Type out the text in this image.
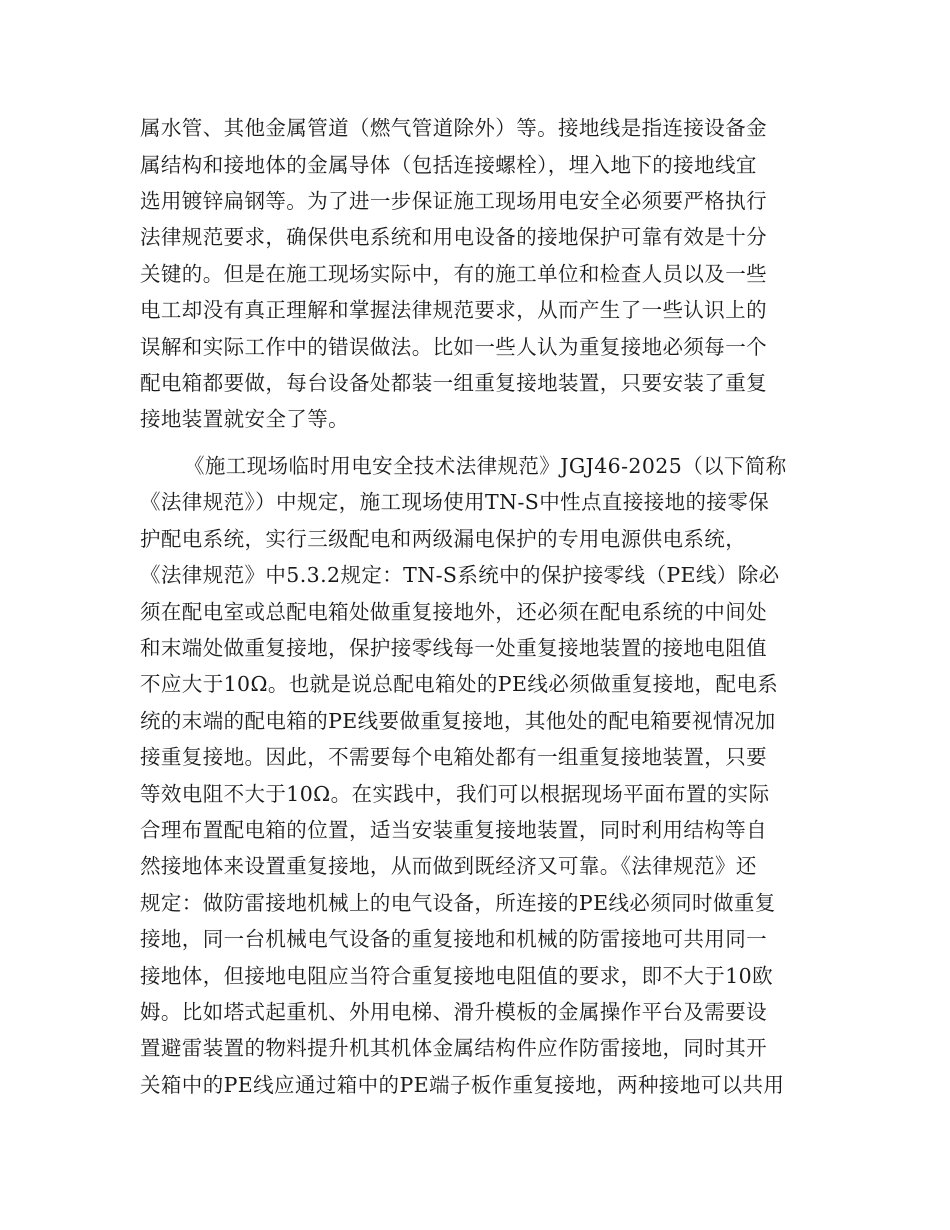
属水管、其他金属管道（燃气管道除外）等。接地线是指连接设备金
属结构和接地体的金属导体（包括连接螺栓），埋入地下的接地线宜
选用镀锌扁钢等。为了进一步保证施工现场用电安全必须要严格执行
法律规范要求，确保供电系统和用电设备的接地保护可靠有效是十分
关键的。但是在施工现场实际中，有的施工单位和检查人员以及一些
电工却没有真正理解和掌握法律规范要求，从而产生了一些认识上的
误解和实际工作中的错误做法。比如一些人认为重复接地必须每一个
配电箱都要做，每台设备处都装一组重复接地装置，只要安装了重复
接地装置就安全了等。
《施工现场临时用电安全技术法律规范》JGJ46-2025（以下简称
《法律规范》）中规定，施工现场使用TN-S中性点直接接地的接零保
护配电系统，实行三级配电和两级漏电保护的专用电源供电系统，
《法律规范》中5.3.2规定：TN-S系统中的保护接零线（PE线）除必
须在配电室或总配电箱处做重复接地外，还必须在配电系统的中间处
和末端处做重复接地，保护接零线每一处重复接地装置的接地电阻值
不应大于10Ω。也就是说总配电箱处的PE线必须做重复接地，配电系
统的末端的配电箱的PE线要做重复接地，其他处的配电箱要视情况加
接重复接地。因此，不需要每个电箱处都有一组重复接地装置，只要
等效电阻不大于10Ω。在实践中，我们可以根据现场平面布置的实际
合理布置配电箱的位置，适当安装重复接地装置，同时利用结构等自
然接地体来设置重复接地，从而做到既经济又可靠。《法律规范》还
规定：做防雷接地机械上的电气设备，所连接的PE线必须同时做重复
接地，同一台机械电气设备的重复接地和机械的防雷接地可共用同一
接地体，但接地电阻应当符合重复接地电阻值的要求，即不大于10欧
姆。比如塔式起重机、外用电梯、滑升模板的金属操作平台及需要设
置避雷装置的物料提升机其机体金属结构件应作防雷接地，同时其开
关箱中的PE线应通过箱中的PE端子板作重复接地，两种接地可以共用
